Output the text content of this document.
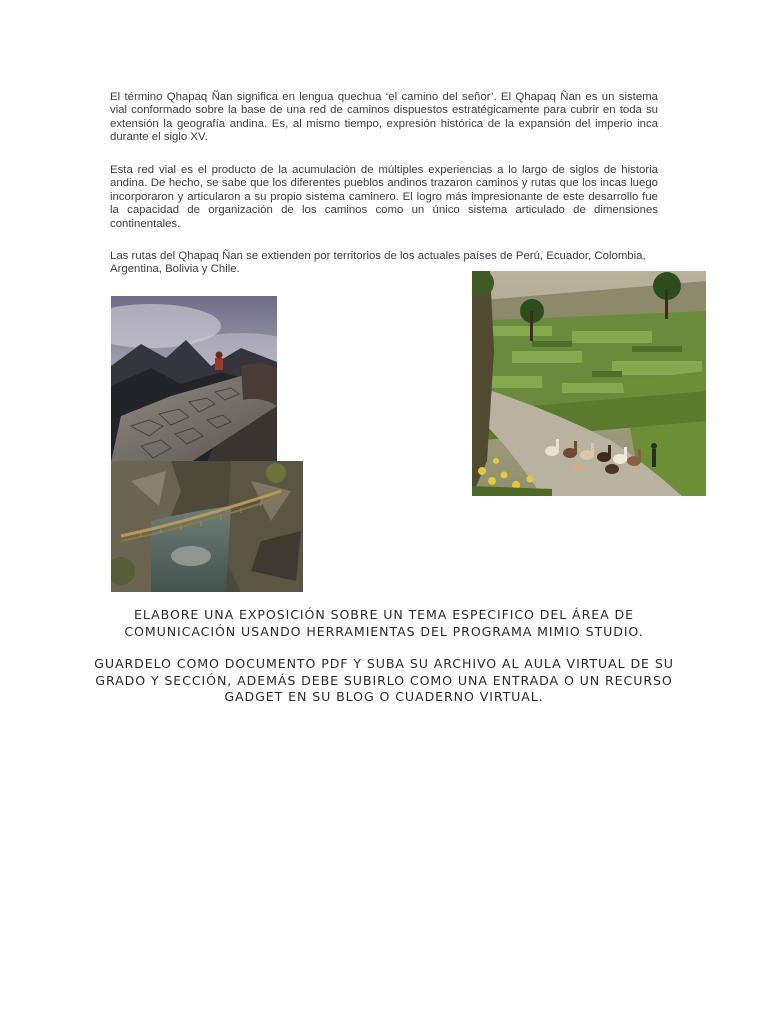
El término Qhapaq Ñan significa en lengua quechua ‘el camino del señor’. El Qhapaq Ñan es un sistema vial conformado sobre la base de una red de caminos dispuestos estratégicamente para cubrir en toda su extensión la geografía andina. Es, al mismo tiempo, expresión histórica de la expansión del imperio inca durante el siglo XV.

Esta red vial es el producto de la acumulación de múltiples experiencias a lo largo de siglos de historia andina. De hecho, se sabe que los diferentes pueblos andinos trazaron caminos y rutas que los incas luego incorporaron y articularon a su propio sistema caminero. El logro más impresionante de este desarrollo fue la capacidad de organización de los caminos como un único sistema articulado de dimensiones continentales.

Las rutas del Qhapaq Ñan se extienden por territorios de los actuales países de Perú, Ecuador, Colombia, Argentina, Bolivia y Chile.

ELABORE UNA EXPOSICIÓN SOBRE UN TEMA ESPECIFICO DEL ÁREA DE COMUNICACIÓN USANDO HERRAMIENTAS DEL PROGRAMA MIMIO STUDIO.

GUARDELO COMO DOCUMENTO PDF Y SUBA SU ARCHIVO AL AULA VIRTUAL DE SU GRADO Y SECCIÓN, ADEMÁS DEBE SUBIRLO COMO UNA ENTRADA O UN RECURSO GADGET EN SU BLOG O CUADERNO VIRTUAL.
